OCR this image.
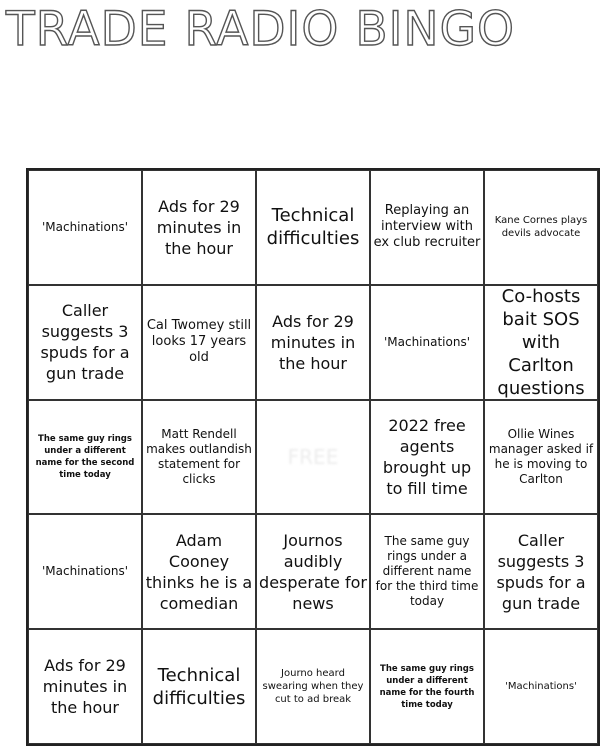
TRADE RADIO BINGO
'Machinations'
Ads for 29 minutes in the hour
Technical difficulties
Replaying an interview with ex club recruiter
Kane Cornes plays devils advocate
Caller suggests 3 spuds for a gun trade
Cal Twomey still looks 17 years old
Ads for 29 minutes in the hour
'Machinations'
Co-hosts bait SOS with Carlton questions
The same guy rings under a different name for the second time today
Matt Rendell makes outlandish statement for clicks
FREE
2022 free agents brought up to fill time
Ollie Wines manager asked if he is moving to Carlton
'Machinations'
Adam Cooney thinks he is a comedian
Journos audibly desperate for news
The same guy rings under a different name for the third time today
Caller suggests 3 spuds for a gun trade
Ads for 29 minutes in the hour
Technical difficulties
Journo heard swearing when they cut to ad break
The same guy rings under a different name for the fourth time today
'Machinations'
